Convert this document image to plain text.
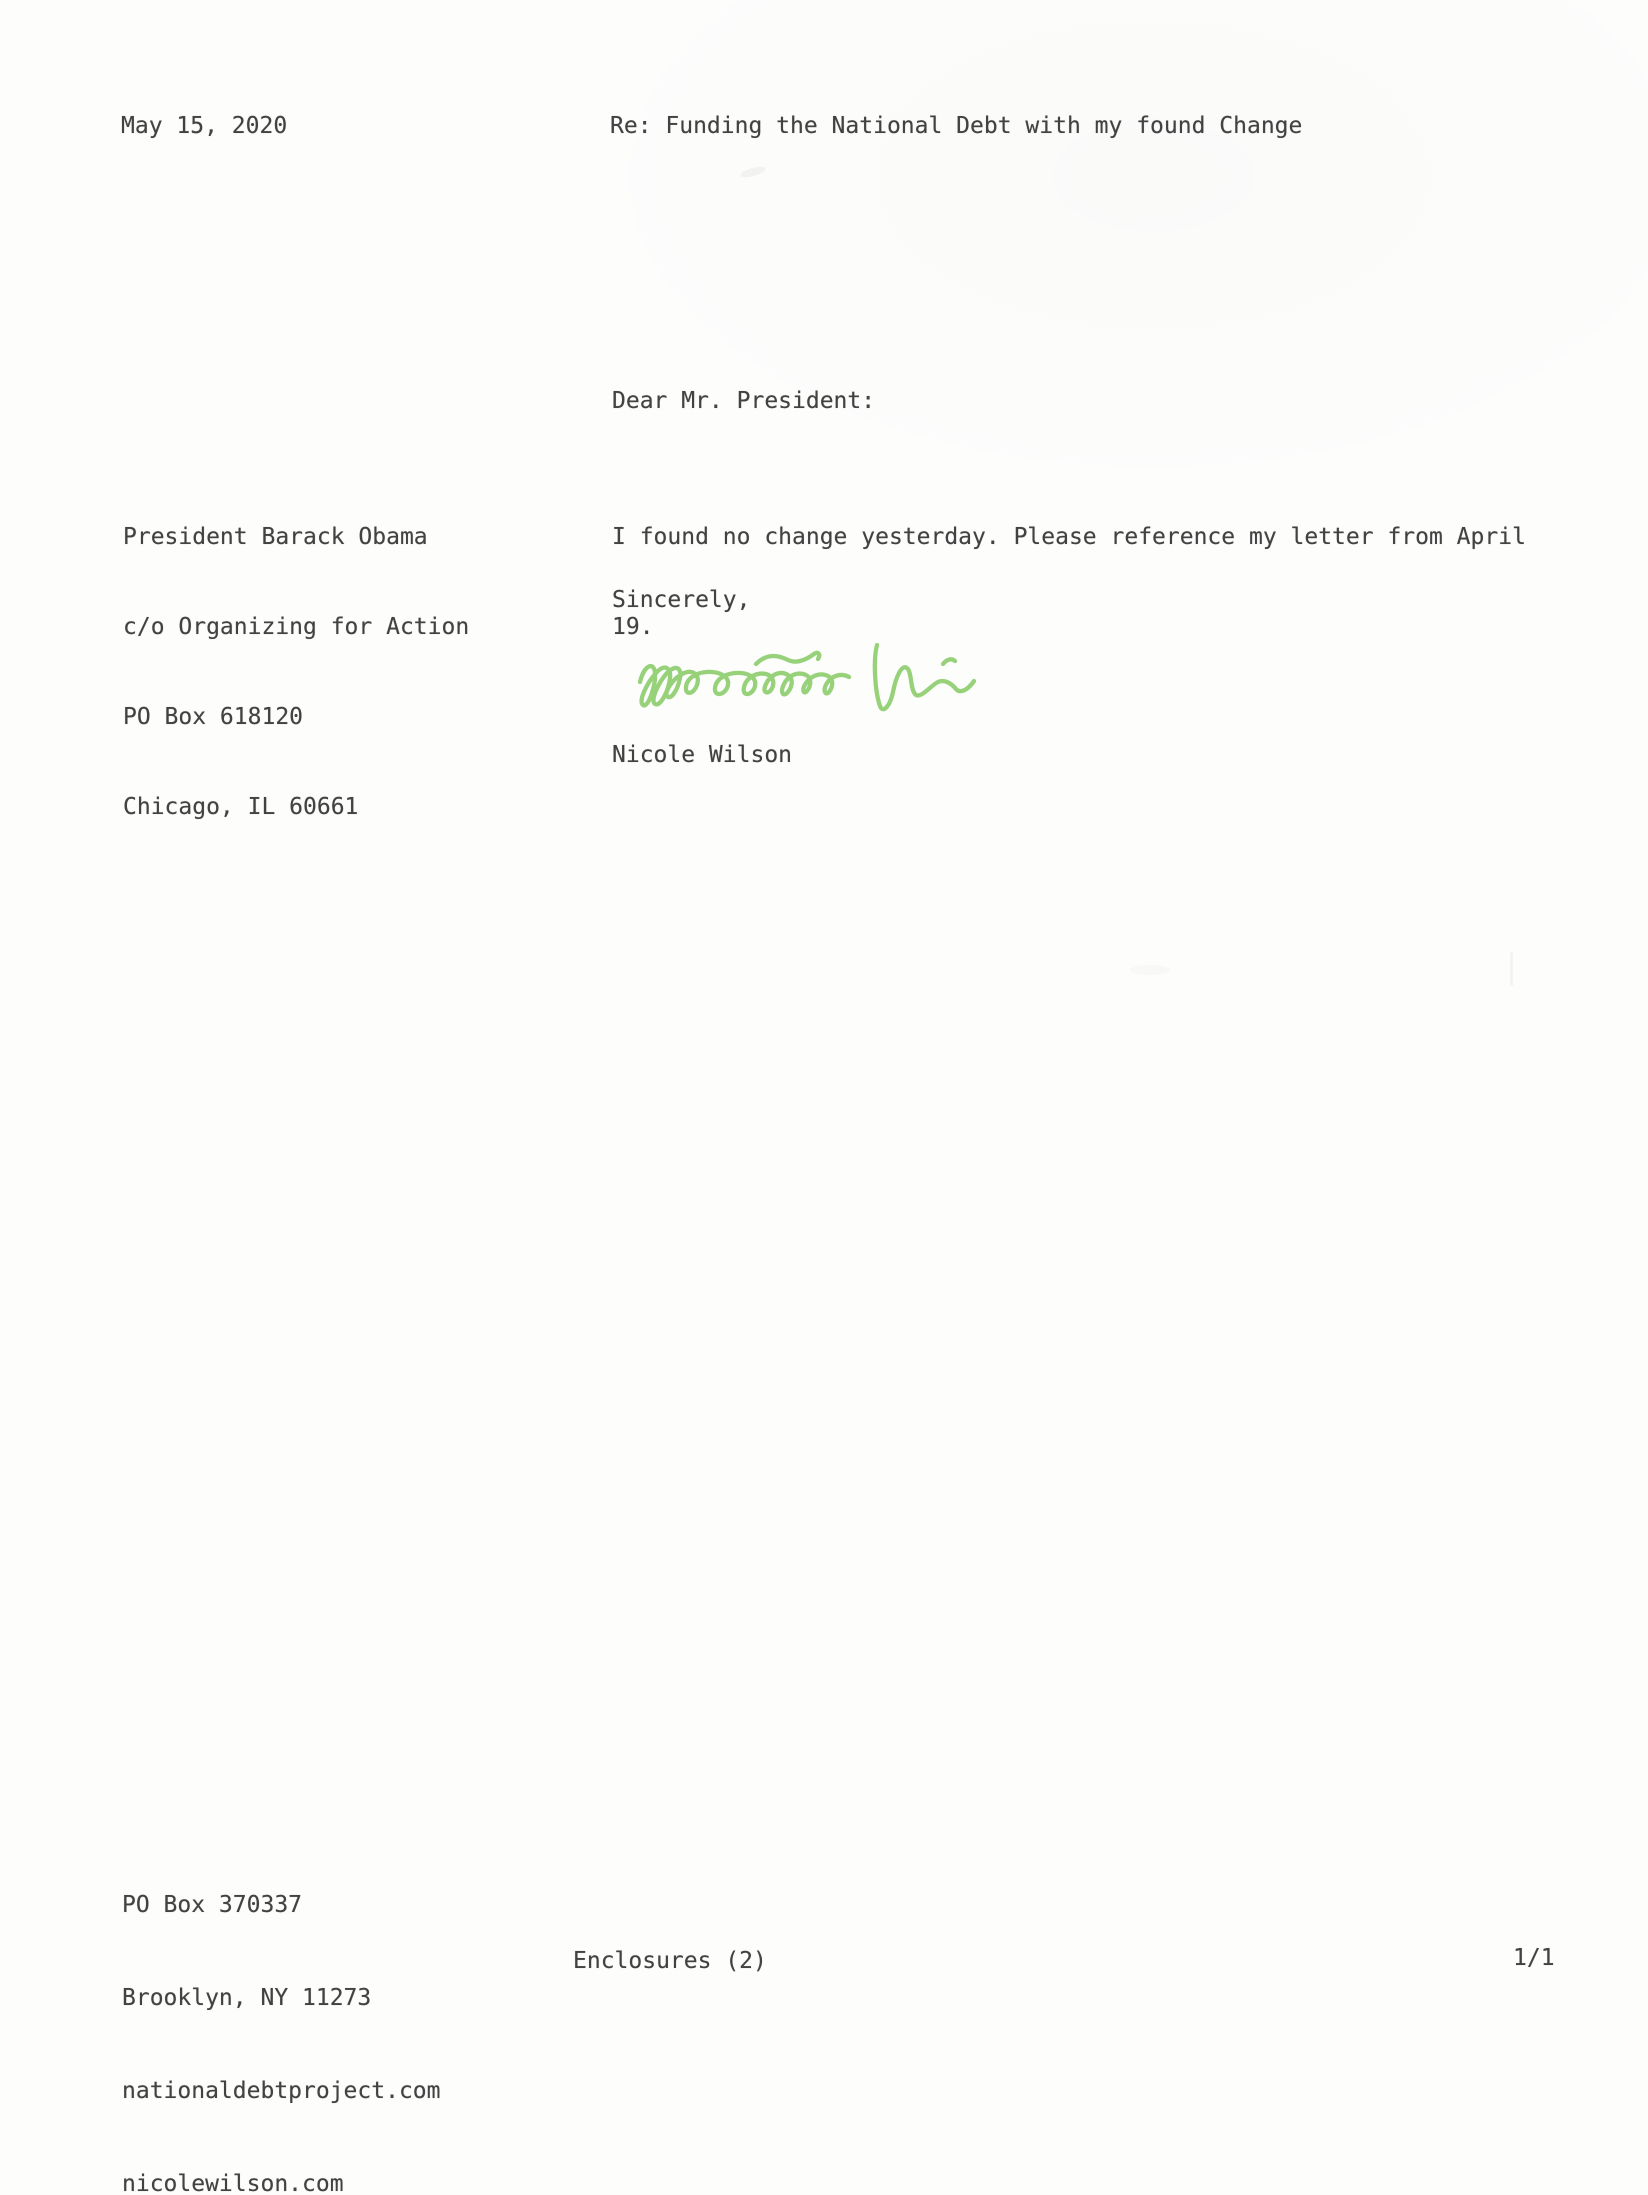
May 15, 2020	Re: Funding the National Debt with my found Change
Dear Mr. President:

President Barack Obama

c/o Organizing for Action

PO Box 618120

Chicago, IL 60661

I found no change yesterday. Please reference my letter from April

19.

Sincerely,
Nicole Wilson

PO Box 370337

Brooklyn, NY 11273

nationaldebtproject.com

nicolewilson.com

Enclosures (2)	1/1
